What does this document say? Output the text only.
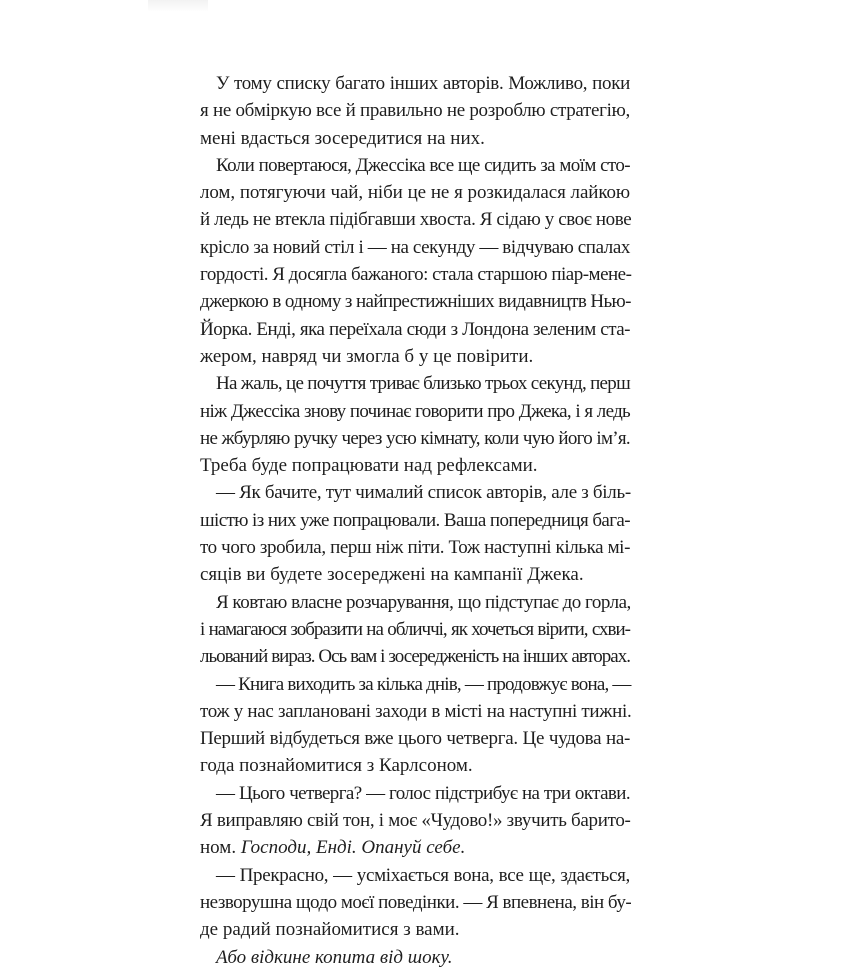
У тому списку багато інших авторів. Можливо, поки
я не обміркую все й правильно не розроблю стратегію,
мені вдасться зосередитися на них.
Коли повертаюся, Джессіка все ще сидить за моїм сто-
лом, потягуючи чай, ніби це не я розкидалася лайкою
й ледь не втекла підібгавши хвоста. Я сідаю у своє нове
крісло за новий стіл і — на секунду — відчуваю спалах
гордості. Я досягла бажаного: стала старшою піар-мене-
джеркою в одному з найпрестижніших видавництв Нью-
Йорка. Енді, яка переїхала сюди з Лондона зеленим ста-
жером, навряд чи змогла б у це повірити.
На жаль, це почуття триває близько трьох секунд, перш
ніж Джессіка знову починає говорити про Джека, і я ледь
не жбурляю ручку через усю кімнату, коли чую його ім’я.
Треба буде попрацювати над рефлексами.
— Як бачите, тут чималий список авторів, але з біль-
шістю із них уже попрацювали. Ваша попередниця бага-
то чого зробила, перш ніж піти. Тож наступні кілька мі-
сяців ви будете зосереджені на кампанії Джека.
Я ковтаю власне розчарування, що підступає до горла,
і намагаюся зобразити на обличчі, як хочеться вірити, схви-
льований вираз. Ось вам і зосередженість на інших авторах.
— Книга виходить за кілька днів, — продовжує вона, —
тож у нас заплановані заходи в місті на наступні тижні.
Перший відбудеться вже цього четверга. Це чудова на-
года познайомитися з Карлсоном.
— Цього четверга? — голос підстрибує на три октави.
Я виправляю свій тон, і моє «Чудово!» звучить барито-
ном. Господи, Енді. Опануй себе.
— Прекрасно, — усміхається вона, все ще, здається,
незворушна щодо моєї поведінки. — Я впевнена, він бу-
де радий познайомитися з вами.
Або відкине копита від шоку.
